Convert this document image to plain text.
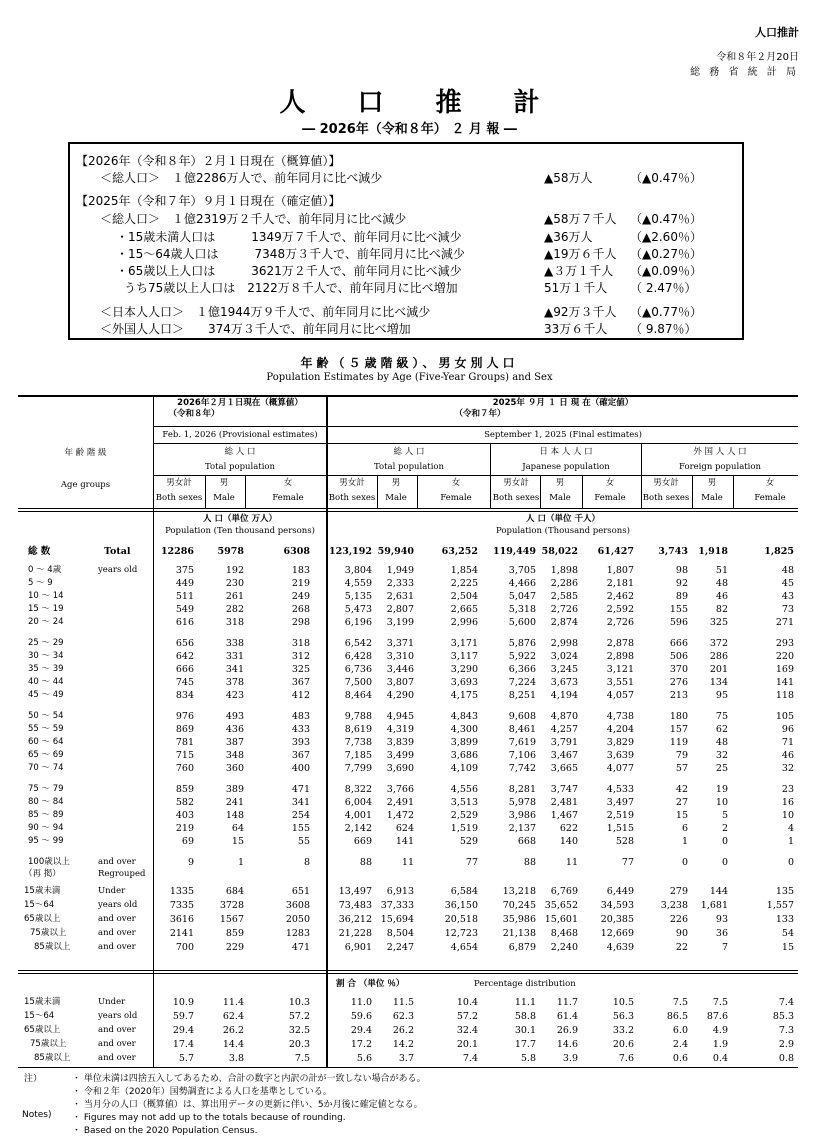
人口推計
令和８年２月20日
総 務 省 統 計 局
人口推計
― 2026年（令和８年） ２ 月 報 ―
【2026年（令和８年）２月１日現在（概算値）】
＜総人口＞　１億2286万人で、前年同月に比べ減少	▲58万人	（▲0.47％）
【2025年（令和７年）９月１日現在（確定値）】
＜総人口＞　１億2319万２千人で、前年同月に比べ減少	▲58万７千人 （▲0.47％）
・15歳未満人口は　　　1349万７千人で、前年同月に比べ減少	▲36万人	（▲2.60％）
・15～64歳人口は　　　7348万３千人で、前年同月に比べ減少	▲19万６千人 （▲0.27％）
・65歳以上人口は　　　3621万２千人で、前年同月に比べ減少	▲３万１千人 （▲0.09％）
うち75歳以上人口は　2122万８千人で、前年同月に比べ増加	51万１千人 （ 2.47％）
＜日本人人口＞　１億1944万９千人で、前年同月に比べ減少	▲92万３千人 （▲0.77％）
＜外国人人口＞　　374万３千人で、前年同月に比べ増加	33万６千人 （ 9.87％）
年齢（５歳階級）、男女別人口
Population Estimates by Age (Five-Year Groups) and Sex
2026年２月１日現在（概算値）
（令和８年）
Feb. 1, 2026 (Provisional estimates)
2025年 ９月 １ 日 現 在（確定値）
（令和７年）
September 1, 2025 (Final estimates)
年 齢 階 級
Age groups
総 人 口
Total population
総 人 口
Total population
日 本 人 人 口
Japanese population
外 国 人 人 口
Foreign population
男女計
Both sexes
男
Male
女
Female
男女計
Both sexes
男
Male
女
Female
男女計
Both sexes
男
Male
女
Female
男女計
Both sexes
男
Male
女
Female
人 口（単位 万人）
Population (Ten thousand persons)
人 口（単位 千人）
Population (Thousand persons)
総 数	Total	12286	5978	6308	123,192 59,940	63,252	119,449 58,022	61,427	3,743	1,918	1,825
0 ～ 4歳	years old	375	192	183	3,804	1,949	1,854	3,705	1,898	1,807	98	51	48
5 ～ 9	449	230	219	4,559	2,333	2,225	4,466	2,286	2,181	92	48	45
10 ～ 14	511	261	249	5,135	2,631	2,504	5,047	2,585	2,462	89	46	43
15 ～ 19	549	282	268	5,473	2,807	2,665	5,318	2,726	2,592	155	82	73
20 ～ 24	616	318	298	6,196	3,199	2,996	5,600	2,874	2,726	596	325	271
25 ～ 29	656	338	318	6,542	3,371	3,171	5,876	2,998	2,878	666	372	293
30 ～ 34	642	331	312	6,428	3,310	3,117	5,922	3,024	2,898	506	286	220
35 ～ 39	666	341	325	6,736	3,446	3,290	6,366	3,245	3,121	370	201	169
40 ～ 44	745	378	367	7,500	3,807	3,693	7,224	3,673	3,551	276	134	141
45 ～ 49	834	423	412	8,464	4,290	4,175	8,251	4,194	4,057	213	95	118
50 ～ 54	976	493	483	9,788	4,945	4,843	9,608	4,870	4,738	180	75	105
55 ～ 59	869	436	433	8,619	4,319	4,300	8,461	4,257	4,204	157	62	96
60 ～ 64	781	387	393	7,738	3,839	3,899	7,619	3,791	3,829	119	48	71
65 ～ 69	715	348	367	7,185	3,499	3,686	7,106	3,467	3,639	79	32	46
70 ～ 74	760	360	400	7,799	3,690	4,109	7,742	3,665	4,077	57	25	32
75 ～ 79	859	389	471	8,322	3,766	4,556	8,281	3,747	4,533	42	19	23
80 ～ 84	582	241	341	6,004	2,491	3,513	5,978	2,481	3,497	27	10	16
85 ～ 89	403	148	254	4,001	1,472	2,529	3,986	1,467	2,519	15	5	10
90 ～ 94	219	64	155	2,142	624	1,519	2,137	622	1,515	6	2	4
95 ～ 99	69	15	55	669	141	529	668	140	528	1	0	1
100歳以上	and over	9	1	8	88	11	77	88	11	77	0	0	0
（再 掲）	Regrouped
15歳未満	Under	1335	684	651	13,497	6,913	6,584	13,218	6,769	6,449	279	144	135
15～64	years old	7335	3728	3608	73,483 37,333	36,150	70,245 35,652	34,593	3,238	1,681	1,557
65歳以上	and over	3616	1567	2050	36,212 15,694	20,518	35,986 15,601	20,385	226	93	133
75歳以上	and over	2141	859	1283	21,228	8,504	12,723	21,138	8,468	12,669	90	36	54
85歳以上	and over	700	229	471	6,901	2,247	4,654	6,879	2,240	4,639	22	7	15
割 合 （単位 ％）	Percentage distribution
15歳未満	Under	10.9	11.4	10.3	11.0	11.5	10.4	11.1	11.7	10.5	7.5	7.5	7.4
15～64	years old	59.7	62.4	57.2	59.6	62.3	57.2	58.8	61.4	56.3	86.5	87.6	85.3
65歳以上	and over	29.4	26.2	32.5	29.4	26.2	32.4	30.1	26.9	33.2	6.0	4.9	7.3
75歳以上	and over	17.4	14.4	20.3	17.2	14.2	20.1	17.7	14.6	20.6	2.4	1.9	2.9
85歳以上	and over	5.7	3.8	7.5	5.6	3.7	7.4	5.8	3.9	7.6	0.6	0.4	0.8
注）	・ 単位未満は四捨五入してあるため、合計の数字と内訳の計が一致しない場合がある。
・ 令和２年（2020年）国勢調査による人口を基準としている。
・ 当月分の人口（概算値）は、算出用データの更新に伴い、5か月後に確定値となる。
Notes) ・ Figures may not add up to the totals because of rounding.
・ Based on the 2020 Population Census.
